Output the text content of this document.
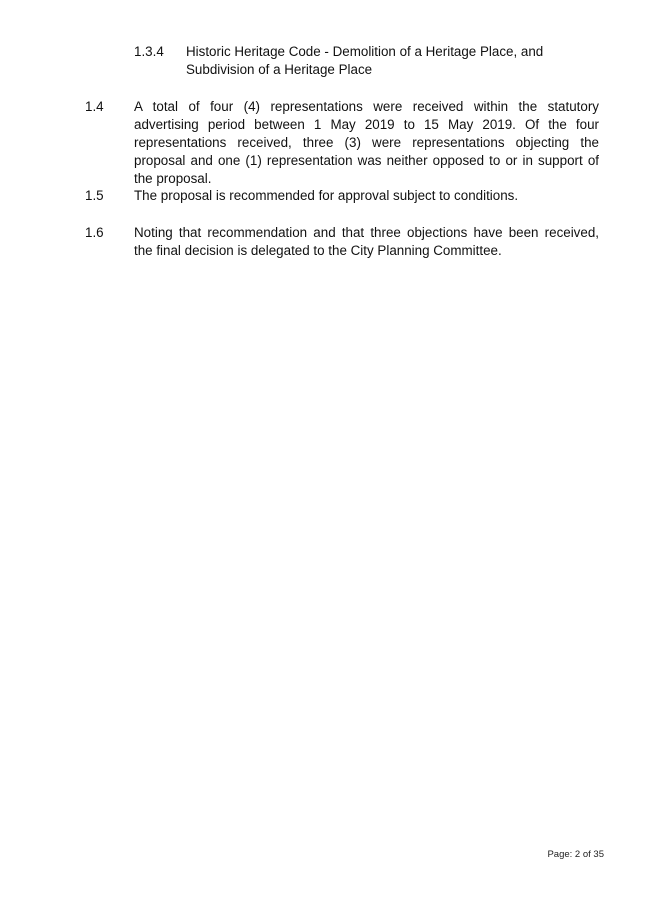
1.3.4 Historic Heritage Code - Demolition of a Heritage Place, and Subdivision of a Heritage Place
1.4 A total of four (4) representations were received within the statutory advertising period between 1 May 2019 to 15 May 2019. Of the four representations received, three (3) were representations objecting the proposal and one (1) representation was neither opposed to or in support of the proposal.
1.5 The proposal is recommended for approval subject to conditions.
1.6 Noting that recommendation and that three objections have been received, the final decision is delegated to the City Planning Committee.
Page: 2 of 35
